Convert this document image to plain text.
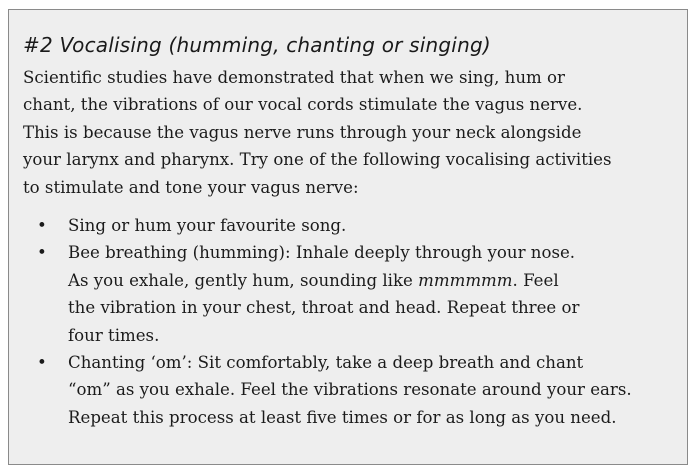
#2 Vocalising (humming, chanting or singing)

Scientific studies have demonstrated that when we sing, hum or
chant, the vibrations of our vocal cords stimulate the vagus nerve.
This is because the vagus nerve runs through your neck alongside
your larynx and pharynx. Try one of the following vocalising activities
to stimulate and tone your vagus nerve:

• Sing or hum your favourite song.
• Bee breathing (humming): Inhale deeply through your nose.
As you exhale, gently hum, sounding like mmmmmm. Feel
the vibration in your chest, throat and head. Repeat three or
four times.
• Chanting ‘om’: Sit comfortably, take a deep breath and chant
“om” as you exhale. Feel the vibrations resonate around your ears.
Repeat this process at least five times or for as long as you need.
